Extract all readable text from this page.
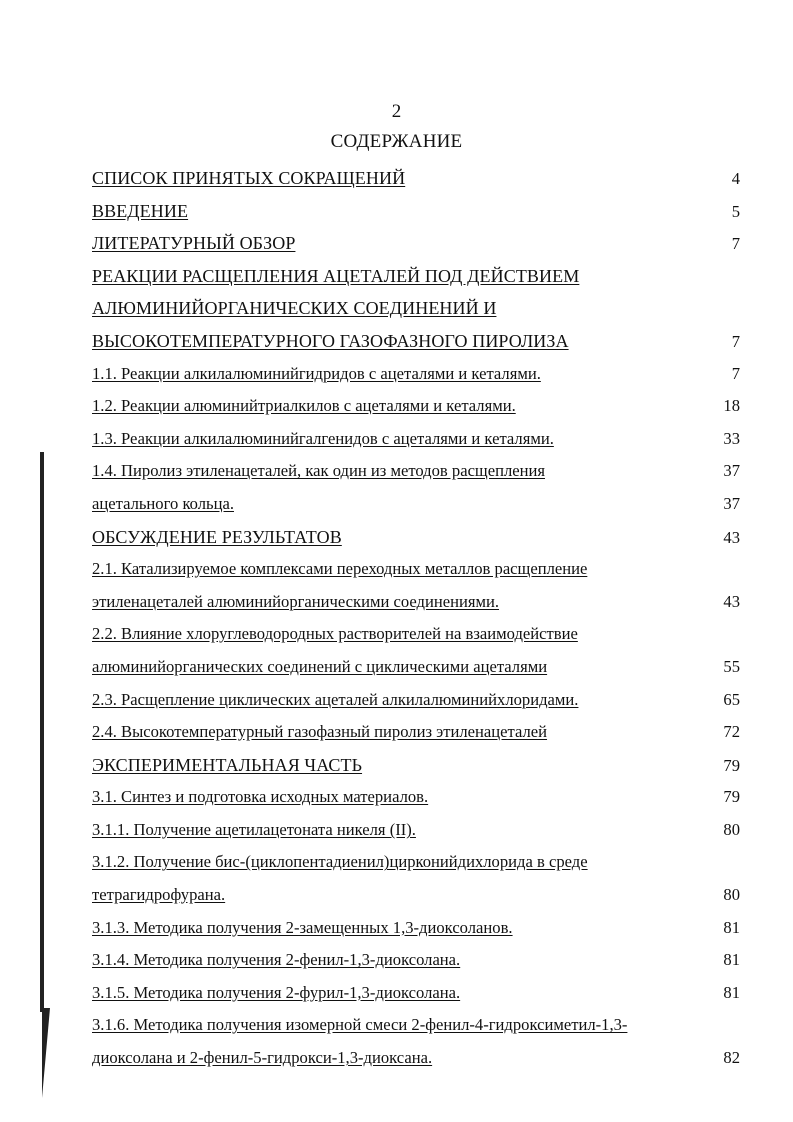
2
СОДЕРЖАНИЕ
СПИСОК ПРИНЯТЫХ СОКРАЩЕНИЙ .....	4
ВВЕДЕНИЕ .....	5
ЛИТЕРАТУРНЫЙ ОБЗОР .....	7
РЕАКЦИИ РАСЩЕПЛЕНИЯ АЦЕТАЛЕЙ ПОД ДЕЙСТВИЕМ
АЛЮМИНИЙОРГАНИЧЕСКИХ СОЕДИНЕНИЙ И
ВЫСОКОТЕМПЕРАТУРНОГО ГАЗОФАЗНОГО ПИРОЛИЗА .....	7
1.1. Реакции алкилалюминийгидридов с ацеталями и кеталями. .....	7
1.2. Реакции алюминийтриалкилов с ацеталями и кеталями. .....	18
1.3. Реакции алкилалюминийгалгенидов с ацеталями и кеталями. .....	33
1.4. Пиролиз этиленацеталей, как один из методов расщепления .....	37
ацетального кольца. .....	37
ОБСУЖДЕНИЕ РЕЗУЛЬТАТОВ .....	43
2.1. Катализируемое комплексами переходных металлов расщепление
этиленацеталей алюминийорганическими соединениями. .....	43
2.2. Влияние хлоруглеводородных растворителей на взаимодействие
алюминийорганических соединений с циклическими ацеталями .....	55
2.3. Расщепление циклических ацеталей алкилалюминийхлоридами. .....	65
2.4. Высокотемпературный газофазный пиролиз этиленацеталей .....	72
ЭКСПЕРИМЕНТАЛЬНАЯ ЧАСТЬ .....	79
3.1. Синтез и подготовка исходных материалов. .....	79
3.1.1. Получение ацетилацетоната никеля (II). .....	80
3.1.2. Получение бис-(циклопентадиенил)цирконийдихлорида в среде
тетрагидрофурана. .....	80
3.1.3. Методика получения 2-замещенных 1,3-диоксоланов. .....	81
3.1.4. Методика получения 2-фенил-1,3-диоксолана. .....	81
3.1.5. Методика получения 2-фурил-1,3-диоксолана. .....	81
3.1.6. Методика получения изомерной смеси 2-фенил-4-гидроксиметил-1,3-
диоксолана и 2-фенил-5-гидрокси-1,3-диоксана. .....	82
